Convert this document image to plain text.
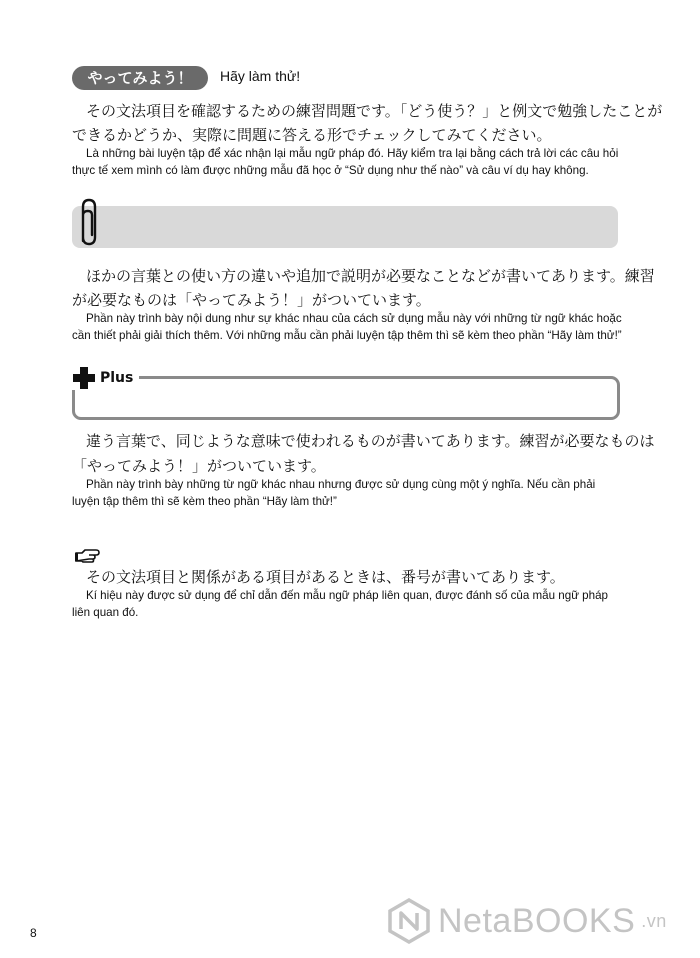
やってみよう！	Hãy làm thử!
その文法項目を確認するための練習問題です。「どう使う？」と例文で勉強したことが
できるかどうか、実際に問題に答える形でチェックしてみてください。
Là những bài luyện tập để xác nhận lại mẫu ngữ pháp đó. Hãy kiểm tra lại bằng cách trả lời các câu hỏi
thực tế xem mình có làm được những mẫu đã học ở “Sử dụng như thế nào” và câu ví dụ hay không.
ほかの言葉との使い方の違いや追加で説明が必要なことなどが書いてあります。練習
が必要なものは「やってみよう！」がついています。
Phần này trình bày nội dung như sự khác nhau của cách sử dụng mẫu này với những từ ngữ khác hoặc
cần thiết phải giải thích thêm. Với những mẫu cần phải luyện tập thêm thì sẽ kèm theo phần “Hãy làm thử!”
Plus
違う言葉で、同じような意味で使われるものが書いてあります。練習が必要なものは
「やってみよう！」がついています。
Phần này trình bày những từ ngữ khác nhau nhưng được sử dụng cùng một ý nghĩa. Nếu cần phải
luyện tập thêm thì sẽ kèm theo phần “Hãy làm thử!”
その文法項目と関係がある項目があるときは、番号が書いてあります。
Kí hiệu này được sử dụng để chỉ dẫn đến mẫu ngữ pháp liên quan, được đánh số của mẫu ngữ pháp
liên quan đó.
8	NetaBOOKS .vn
